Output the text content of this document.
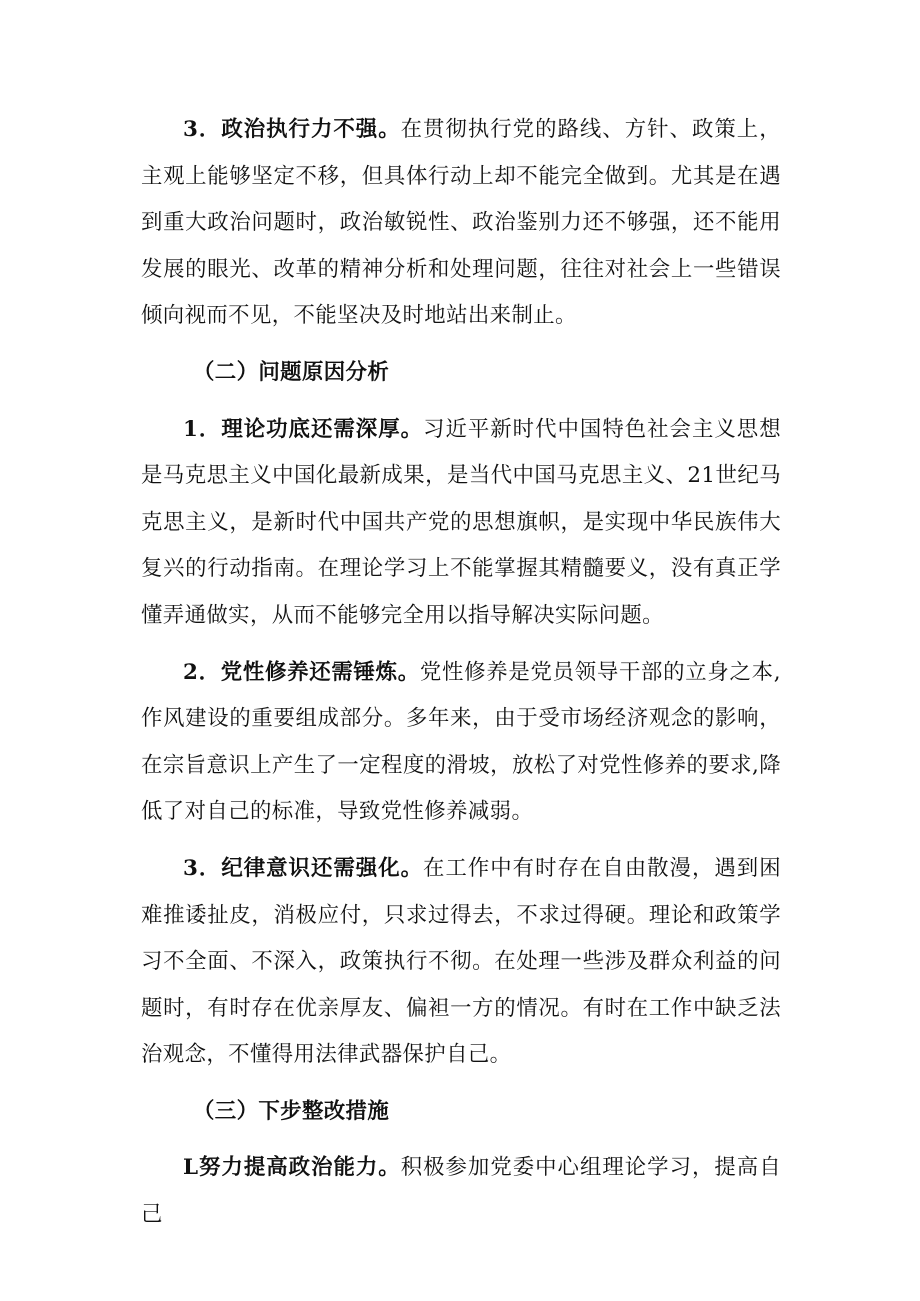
3．政治执行力不强。在贯彻执行党的路线、方针、政策上，主观上能够坚定不移，但具体行动上却不能完全做到。尤其是在遇到重大政治问题时，政治敏锐性、政治鉴别力还不够强，还不能用发展的眼光、改革的精神分析和处理问题，往往对社会上一些错误倾向视而不见，不能坚决及时地站出来制止。

（二）问题原因分析

1．理论功底还需深厚。习近平新时代中国特色社会主义思想是马克思主义中国化最新成果，是当代中国马克思主义、21世纪马克思主义，是新时代中国共产党的思想旗帜，是实现中华民族伟大复兴的行动指南。在理论学习上不能掌握其精髓要义，没有真正学懂弄通做实，从而不能够完全用以指导解决实际问题。

2．党性修养还需锤炼。党性修养是党员领导干部的立身之本,作风建设的重要组成部分。多年来，由于受市场经济观念的影响，在宗旨意识上产生了一定程度的滑坡，放松了对党性修养的要求,降低了对自己的标准，导致党性修养减弱。

3．纪律意识还需强化。在工作中有时存在自由散漫，遇到困难推诿扯皮，消极应付，只求过得去，不求过得硬。理论和政策学习不全面、不深入，政策执行不彻。在处理一些涉及群众利益的问题时，有时存在优亲厚友、偏袒一方的情况。有时在工作中缺乏法治观念，不懂得用法律武器保护自己。

（三）下步整改措施

L努力提高政治能力。积极参加党委中心组理论学习，提高自己
